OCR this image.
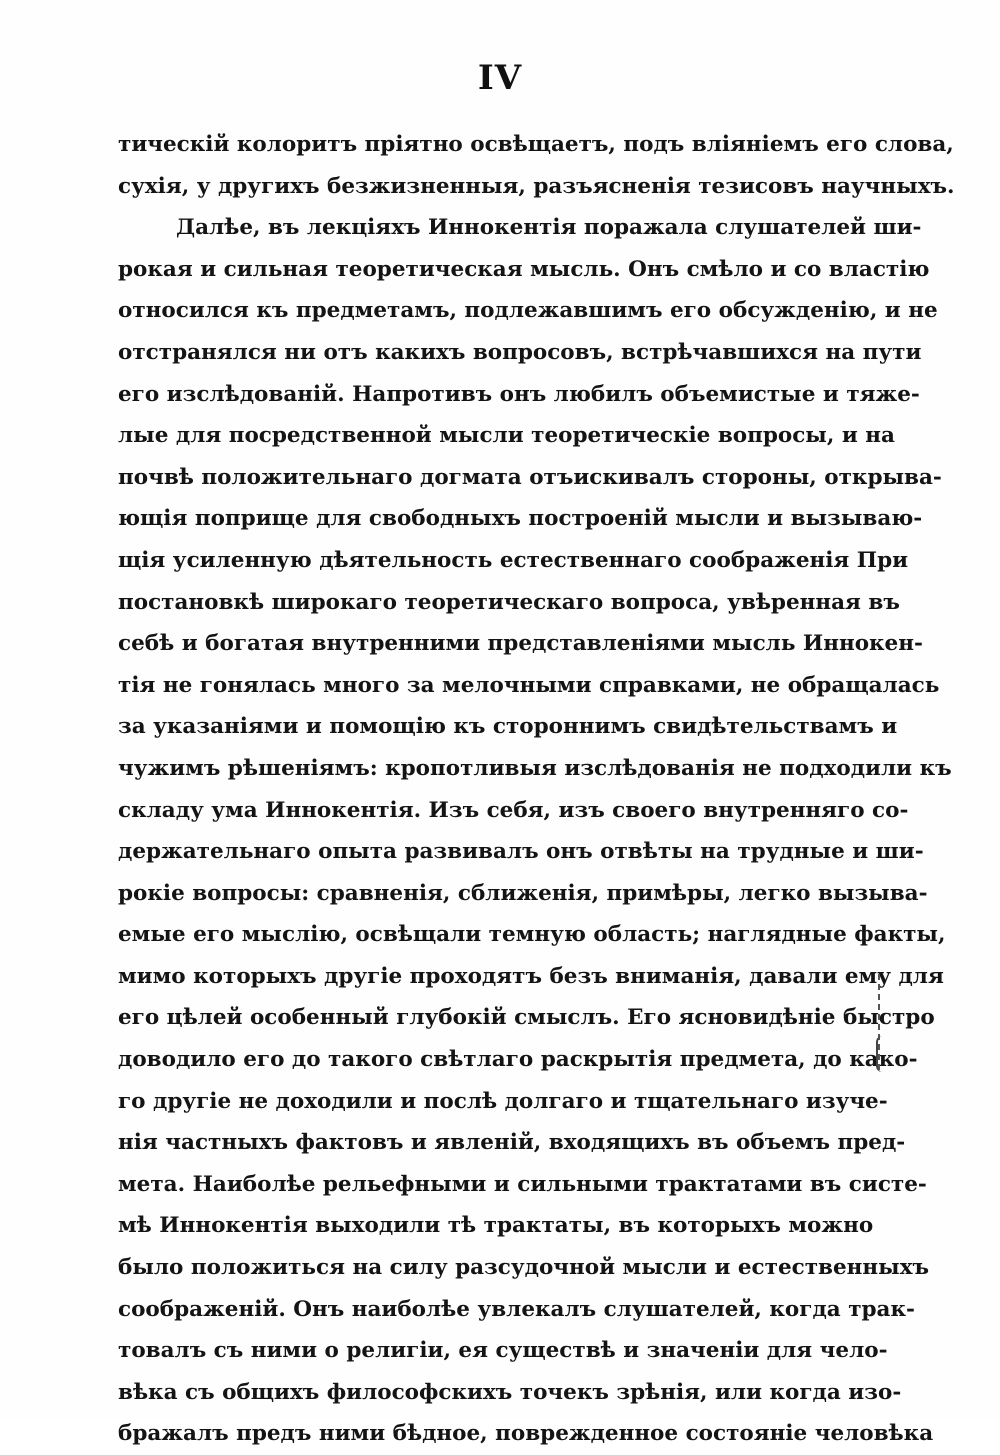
IV
тическій колоритъ пріятно освѣщаетъ, подъ вліяніемъ его слова,
сухія, у другихъ безжизненныя, разъясненія тезисовъ научныхъ.
Далѣе, въ лекціяхъ Иннокентія поражала слушателей ши-
рокая и сильная теоретическая мысль. Онъ смѣло и со властію
относился къ предметамъ, подлежавшимъ его обсужденію, и не
отстранялся ни отъ какихъ вопросовъ, встрѣчавшихся на пути
его изслѣдованій. Напротивъ онъ любилъ объемистые и тяже-
лые для посредственной мысли теоретическіе вопросы, и на
почвѣ положительнаго догмата отъискивалъ стороны, открыва-
ющія поприще для свободныхъ построеній мысли и вызываю-
щія усиленную дѣятельность естественнаго соображенія При
постановкѣ широкаго теоретическаго вопроса, увѣренная въ
себѣ и богатая внутренними представленіями мысль Иннокен-
тія не гонялась много за мелочными справками, не обращалась
за указаніями и помощію къ стороннимъ свидѣтельствамъ и
чужимъ рѣшеніямъ: кропотливыя изслѣдованія не подходили къ
складу ума Иннокентія. Изъ себя, изъ своего внутренняго со-
держательнаго опыта развивалъ онъ отвѣты на трудные и ши-
рокіе вопросы: сравненія, сближенія, примѣры, легко вызыва-
емые его мыслію, освѣщали темную область; наглядные факты,
мимо которыхъ другіе проходятъ безъ вниманія, давали ему для
его цѣлей особенный глубокій смыслъ. Его ясновидѣніе быстро
доводило его до такого свѣтлаго раскрытія предмета, до како-
го другіе не доходили и послѣ долгаго и тщательнаго изуче-
нія частныхъ фактовъ и явленій, входящихъ въ объемъ пред-
мета. Наиболѣе рельефными и сильными трактатами въ систе-
мѣ Иннокентія выходили тѣ трактаты, въ которыхъ можно
было положиться на силу разсудочной мысли и естественныхъ
соображеній. Онъ наиболѣе увлекалъ слушателей, когда трак-
товалъ съ ними о религіи, ея существѣ и значеніи для чело-
вѣка съ общихъ философскихъ точекъ зрѣнія, или когда изо-
бражалъ предъ ними бѣдное, поврежденное состояніе человѣка
